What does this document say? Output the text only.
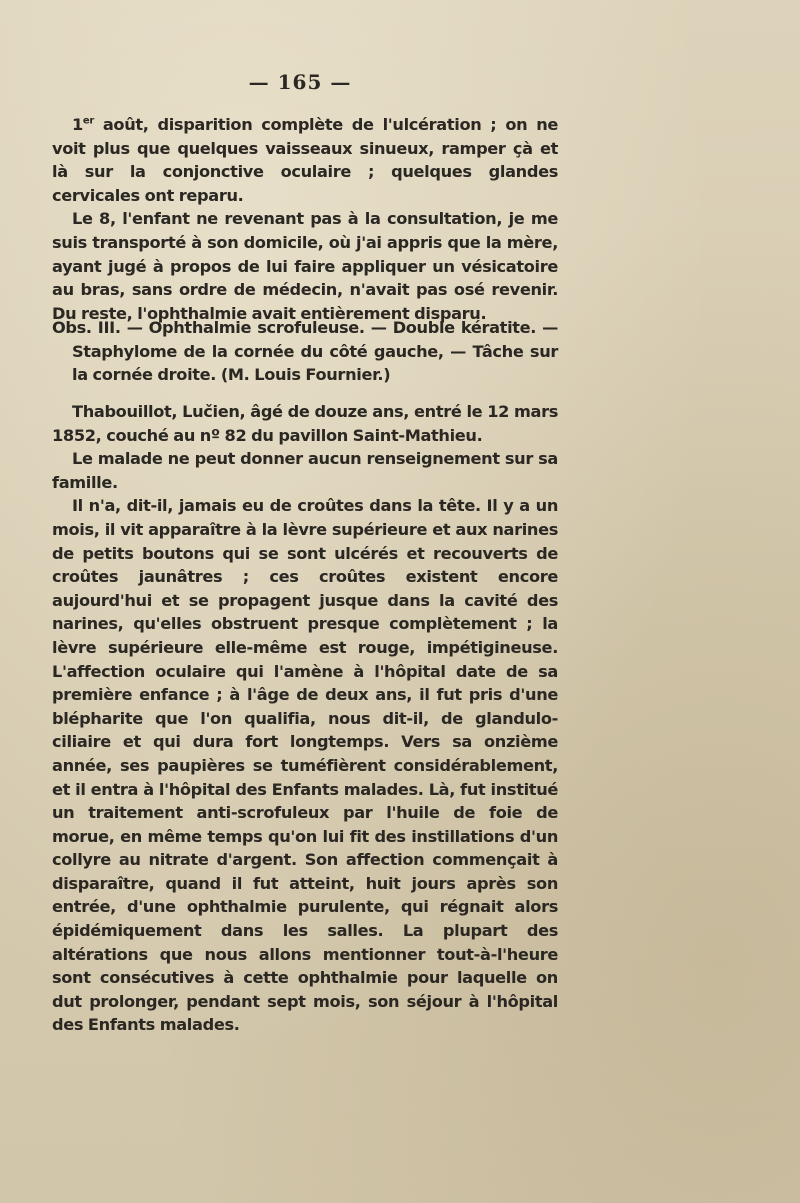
— 165 —

1er août, disparition complète de l'ulcération ; on ne voit plus que quelques vaisseaux sinueux, ramper çà et là sur la conjonctive oculaire ; quelques glandes cervicales ont reparu.

Le 8, l'enfant ne revenant pas à la consultation, je me suis transporté à son domicile, où j'ai appris que la mère, ayant jugé à propos de lui faire appliquer un vésicatoire au bras, sans ordre de médecin, n'avait pas osé revenir. Du reste, l'ophthalmie avait entièrement disparu.

Obs. III. — Ophthalmie scrofuleuse. — Double kératite. — Staphylome de la cornée du côté gauche, — Tâche sur la cornée droite. (M. Louis Fournier.)

Thabouillot, Lučien, âgé de douze ans, entré le 12 mars 1852, couché au nº 82 du pavillon Saint-Mathieu.

Le malade ne peut donner aucun renseignement sur sa famille.

Il n'a, dit-il, jamais eu de croûtes dans la tête. Il y a un mois, il vit apparaître à la lèvre supérieure et aux narines de petits boutons qui se sont ulcérés et recouverts de croûtes jaunâtres ; ces croûtes existent encore aujourd'hui et se propagent jusque dans la cavité des narines, qu'elles obstruent presque complètement ; la lèvre supérieure elle-même est rouge, impétigineuse. L'affection oculaire qui l'amène à l'hôpital date de sa première enfance ; à l'âge de deux ans, il fut pris d'une blépharite que l'on qualifia, nous dit-il, de glandulo-ciliaire et qui dura fort longtemps. Vers sa onzième année, ses paupières se tuméfièrent considérablement, et il entra à l'hôpital des Enfants malades. Là, fut institué un traitement anti-scrofuleux par l'huile de foie de morue, en même temps qu'on lui fit des instillations d'un collyre au nitrate d'argent. Son affection commençait à disparaître, quand il fut atteint, huit jours après son entrée, d'une ophthalmie purulente, qui régnait alors épidémiquement dans les salles. La plupart des altérations que nous allons mentionner tout-à-l'heure sont consécutives à cette ophthalmie pour laquelle on dut prolonger, pendant sept mois, son séjour à l'hôpital des Enfants malades.
